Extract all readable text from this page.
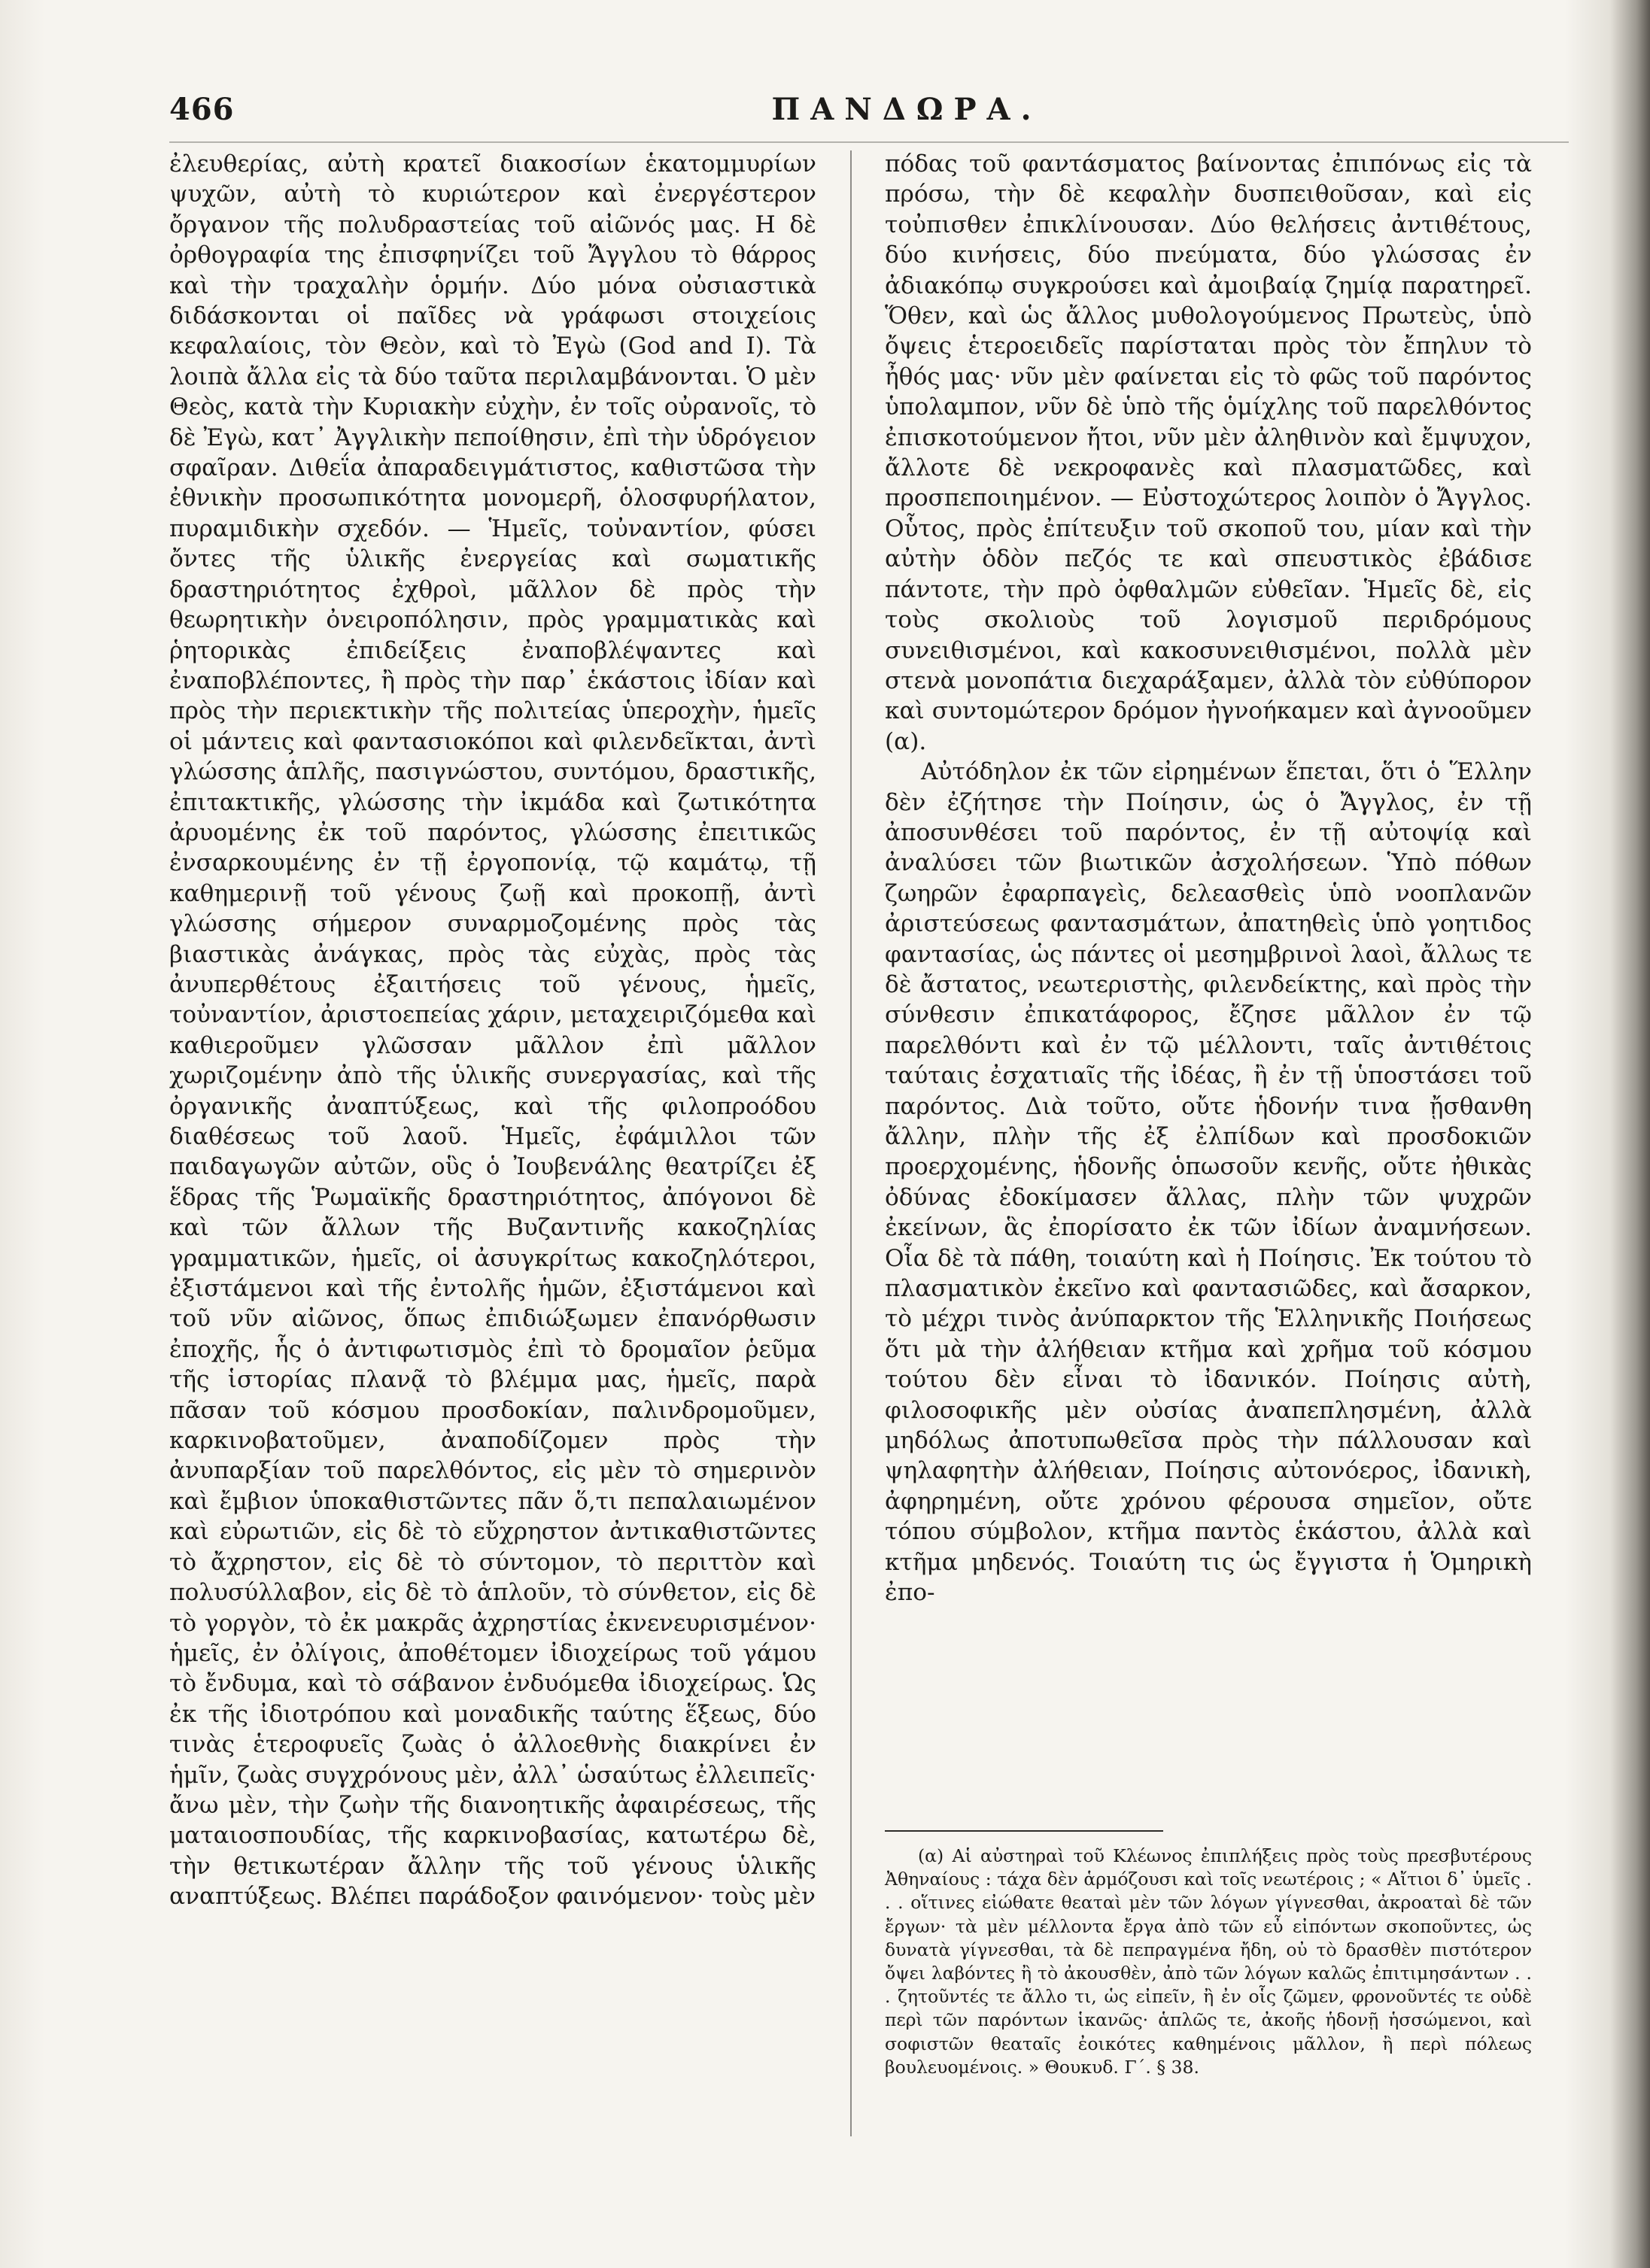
466	ΠΑΝΔΩΡΑ.

ἐλευθερίας, αὐτὴ κρατεῖ διακοσίων ἑκατομμυρίων ψυχῶν, αὐτὴ τὸ κυριώτερον καὶ ἐνεργέστερον ὄργανον τῆς πολυδραστείας τοῦ αἰῶνός μας. Η δὲ ὀρθογραφία της ἐπισφηνίζει τοῦ Ἄγγλου τὸ θάρρος καὶ τὴν τραχαλὴν ὁρμήν. Δύο μόνα οὐσιαστικὰ διδάσκονται οἱ παῖδες νὰ γράφωσι στοιχείοις κεφαλαίοις, τὸν Θεὸν, καὶ τὸ Ἐγὼ (God and I). Τὰ λοιπὰ ἄλλα εἰς τὰ δύο ταῦτα περιλαμβάνονται. Ὁ μὲν Θεὸς, κατὰ τὴν Κυριακὴν εὐχὴν, ἐν τοῖς οὐρανοῖς, τὸ δὲ Ἐγὼ, κατ᾽ Ἀγγλικὴν πεποίθησιν, ἐπὶ τὴν ὑδρόγειον σφαῖραν. Διθεΐα ἀπαραδειγμάτιστος, καθιστῶσα τὴν ἐθνικὴν προσωπικότητα μονομερῆ, ὁλοσφυρήλατον, πυραμιδικὴν σχεδόν. — Ἡμεῖς, τοὐναντίον, φύσει ὄντες τῆς ὑλικῆς ἐνεργείας καὶ σωματικῆς δραστηριότητος ἐχθροὶ, μᾶλλον δὲ πρὸς τὴν θεωρητικὴν ὀνειροπόλησιν, πρὸς γραμματικὰς καὶ ῥητορικὰς ἐπιδείξεις ἐναποβλέψαντες καὶ ἐναποβλέποντες, ἢ πρὸς τὴν παρ᾽ ἑκάστοις ἰδίαν καὶ πρὸς τὴν περιεκτικὴν τῆς πολιτείας ὑπεροχὴν, ἡμεῖς οἱ μάντεις καὶ φαντασιοκόποι καὶ φιλενδεῖκται, ἀντὶ γλώσσης ἁπλῆς, πασιγνώστου, συντόμου, δραστικῆς, ἐπιτακτικῆς, γλώσσης τὴν ἰκμάδα καὶ ζωτικότητα ἀρυομένης ἐκ τοῦ παρόντος, γλώσσης ἐπειτικῶς ἐνσαρκουμένης ἐν τῇ ἐργοπονίᾳ, τῷ καμάτῳ, τῇ καθημερινῇ τοῦ γένους ζωῇ καὶ προκοπῇ, ἀντὶ γλώσσης σήμερον συναρμοζομένης πρὸς τὰς βιαστικὰς ἀνάγκας, πρὸς τὰς εὐχὰς, πρὸς τὰς ἀνυπερθέτους ἐξαιτήσεις τοῦ γένους, ἡμεῖς, τοὐναντίον, ἀριστοεπείας χάριν, μεταχειριζόμεθα καὶ καθιεροῦμεν γλῶσσαν μᾶλλον ἐπὶ μᾶλλον χωριζομένην ἀπὸ τῆς ὑλικῆς συνεργασίας, καὶ τῆς ὀργανικῆς ἀναπτύξεως, καὶ τῆς φιλοπροόδου διαθέσεως τοῦ λαοῦ. Ἡμεῖς, ἐφάμιλλοι τῶν παιδαγωγῶν αὐτῶν, οὓς ὁ Ἰουβενάλης θεατρίζει ἐξ ἕδρας τῆς Ῥωμαϊκῆς δραστηριότητος, ἀπόγονοι δὲ καὶ τῶν ἄλλων τῆς Βυζαντινῆς κακοζηλίας γραμματικῶν, ἡμεῖς, οἱ ἀσυγκρίτως κακοζηλότεροι, ἐξιστάμενοι καὶ τῆς ἐντολῆς ἡμῶν, ἐξιστάμενοι καὶ τοῦ νῦν αἰῶνος, ὅπως ἐπιδιώξωμεν ἐπανόρθωσιν ἐποχῆς, ἧς ὁ ἀντιφωτισμὸς ἐπὶ τὸ δρομαῖον ῥεῦμα τῆς ἱστορίας πλανᾷ τὸ βλέμμα μας, ἡμεῖς, παρὰ πᾶσαν τοῦ κόσμου προσδοκίαν, παλινδρομοῦμεν, καρκινοβατοῦμεν, ἀναποδίζομεν πρὸς τὴν ἀνυπαρξίαν τοῦ παρελθόντος, εἰς μὲν τὸ σημερινὸν καὶ ἔμβιον ὑποκαθιστῶντες πᾶν ὅ,τι πεπαλαιωμένον καὶ εὐρωτιῶν, εἰς δὲ τὸ εὔχρηστον ἀντικαθιστῶντες τὸ ἄχρηστον, εἰς δὲ τὸ σύντομον, τὸ περιττὸν καὶ πολυσύλλαβον, εἰς δὲ τὸ ἁπλοῦν, τὸ σύνθετον, εἰς δὲ τὸ γοργὸν, τὸ ἐκ μακρᾶς ἀχρηστίας ἐκνενευρισμένον· ἡμεῖς, ἐν ὀλίγοις, ἀποθέτομεν ἰδιοχείρως τοῦ γάμου τὸ ἔνδυμα, καὶ τὸ σάβανον ἐνδυόμεθα ἰδιοχείρως. Ὡς ἐκ τῆς ἰδιοτρόπου καὶ μοναδικῆς ταύτης ἕξεως, δύο τινὰς ἑτεροφυεῖς ζωὰς ὁ ἀλλοεθνὴς διακρίνει ἐν ἡμῖν, ζωὰς συγχρόνους μὲν, ἀλλ᾽ ὡσαύτως ἐλλειπεῖς· ἄνω μὲν, τὴν ζωὴν τῆς διανοητικῆς ἀφαιρέσεως, τῆς ματαιοσπουδίας, τῆς καρκινοβασίας, κατωτέρω δὲ, τὴν θετικωτέραν ἄλλην τῆς τοῦ γένους ὑλικῆς αναπτύξεως. Βλέπει παράδοξον φαινόμενον· τοὺς μὲν

πόδας τοῦ φαντάσματος βαίνοντας ἐπιπόνως εἰς τὰ πρόσω, τὴν δὲ κεφαλὴν δυσπειθοῦσαν, καὶ εἰς τοὐπισθεν ἐπικλίνουσαν. Δύο θελήσεις ἀντιθέτους, δύο κινήσεις, δύο πνεύματα, δύο γλώσσας ἐν ἀδιακόπῳ συγκρούσει καὶ ἀμοιβαίᾳ ζημίᾳ παρατηρεῖ. Ὅθεν, καὶ ὡς ἄλλος μυθολογούμενος Πρωτεὺς, ὑπὸ ὄψεις ἑτεροειδεῖς παρίσταται πρὸς τὸν ἔπηλυν τὸ ἦθός μας· νῦν μὲν φαίνεται εἰς τὸ φῶς τοῦ παρόντος ὑπολαμπον, νῦν δὲ ὑπὸ τῆς ὁμίχλης τοῦ παρελθόντος ἐπισκοτούμενον ἤτοι, νῦν μὲν ἀληθινὸν καὶ ἔμψυχον, ἄλλοτε δὲ νεκροφανὲς καὶ πλασματῶδες, καὶ προσπεποιημένον. — Εὐστοχώτερος λοιπὸν ὁ Ἄγγλος. Οὗτος, πρὸς ἐπίτευξιν τοῦ σκοποῦ του, μίαν καὶ τὴν αὐτὴν ὁδὸν πεζός τε καὶ σπευστικὸς ἐβάδισε πάντοτε, τὴν πρὸ ὀφθαλμῶν εὐθεῖαν. Ἡμεῖς δὲ, εἰς τοὺς σκολιοὺς τοῦ λογισμοῦ περιδρόμους συνειθισμένοι, καὶ κακοσυνειθισμένοι, πολλὰ μὲν στενὰ μονοπάτια διεχαράξαμεν, ἀλλὰ τὸν εὐθύπορον καὶ συντομώτερον δρόμον ἠγνοήκαμεν καὶ ἀγνοοῦμεν (α).

Αὐτόδηλον ἐκ τῶν εἰρημένων ἕπεται, ὅτι ὁ Ἕλλην δὲν ἐζήτησε τὴν Ποίησιν, ὡς ὁ Ἄγγλος, ἐν τῇ ἀποσυνθέσει τοῦ παρόντος, ἐν τῇ αὐτοψίᾳ καὶ ἀναλύσει τῶν βιωτικῶν ἀσχολήσεων. Ὑπὸ πόθων ζωηρῶν ἐφαρπαγεὶς, δελεασθεὶς ὑπὸ νοοπλανῶν ἀριστεύσεως φαντασμάτων, ἀπατηθεὶς ὑπὸ γοητιδος φαντασίας, ὡς πάντες οἱ μεσημβρινοὶ λαοὶ, ἄλλως τε δὲ ἄστατος, νεωτεριστὴς, φιλενδείκτης, καὶ πρὸς τὴν σύνθεσιν ἐπικατάφορος, ἔζησε μᾶλλον ἐν τῷ παρελθόντι καὶ ἐν τῷ μέλλοντι, ταῖς ἀντιθέτοις ταύταις ἐσχατιαῖς τῆς ἰδέας, ἢ ἐν τῇ ὑποστάσει τοῦ παρόντος. Διὰ τοῦτο, οὔτε ἡδονήν τινα ᾔσθανθη ἄλλην, πλὴν τῆς ἐξ ἐλπίδων καὶ προσδοκιῶν προερχομένης, ἡδονῆς ὁπωσοῦν κενῆς, οὔτε ἠθικὰς ὀδύνας ἐδοκίμασεν ἄλλας, πλὴν τῶν ψυχρῶν ἐκείνων, ἃς ἐπορίσατο ἐκ τῶν ἰδίων ἀναμνήσεων. Οἷα δὲ τὰ πάθη, τοιαύτη καὶ ἡ Ποίησις. Ἐκ τούτου τὸ πλασματικὸν ἐκεῖνο καὶ φαντασιῶδες, καὶ ἄσαρκον, τὸ μέχρι τινὸς ἀνύπαρκτον τῆς Ἑλληνικῆς Ποιήσεως ὅτι μὰ τὴν ἀλήθειαν κτῆμα καὶ χρῆμα τοῦ κόσμου τούτου δὲν εἶναι τὸ ἰδανικόν. Ποίησις αὐτὴ, φιλοσοφικῆς μὲν οὐσίας ἀναπεπλησμένη, ἀλλὰ μηδόλως ἀποτυπωθεῖσα πρὸς τὴν πάλλουσαν καὶ ψηλαφητὴν ἀλήθειαν, Ποίησις αὐτονόερος, ἰδανικὴ, ἀφηρημένη, οὔτε χρόνου φέρουσα σημεῖον, οὔτε τόπου σύμβολον, κτῆμα παντὸς ἑκάστου, ἀλλὰ καὶ κτῆμα μηδενός. Τοιαύτη τις ὡς ἔγγιστα ἡ Ὁμηρικὴ ἐπο-

(α) Αἱ αὐστηραὶ τοῦ Κλέωνος ἐπιπλήξεις πρὸς τοὺς πρεσβυτέρους Ἀθηναίους : τάχα δὲν ἁρμόζουσι καὶ τοῖς νεωτέροις ; « Αἴτιοι δ᾽ ὑμεῖς . . . οἵτινες εἰώθατε θεαταὶ μὲν τῶν λόγων γίγνεσθαι, ἀκροαταὶ δὲ τῶν ἔργων· τὰ μὲν μέλλοντα ἔργα ἀπὸ τῶν εὖ εἰπόντων σκοποῦντες, ὡς δυνατὰ γίγνεσθαι, τὰ δὲ πεπραγμένα ἤδη, οὐ τὸ δρασθὲν πιστότερον ὄψει λαβόντες ἢ τὸ ἀκουσθὲν, ἀπὸ τῶν λόγων καλῶς ἐπιτιμησάντων . . . ζητοῦντές τε ἄλλο τι, ὡς εἰπεῖν, ἢ ἐν οἷς ζῶμεν, φρονοῦντές τε οὐδὲ περὶ τῶν παρόντων ἱκανῶς· ἁπλῶς τε, ἀκοῆς ἡδονῇ ἡσσώμενοι, καὶ σοφιστῶν θεαταῖς ἐοικότες καθημένοις μᾶλλον, ἢ περὶ πόλεως βουλευομένοις. » Θουκυδ. Γ΄. § 38.
